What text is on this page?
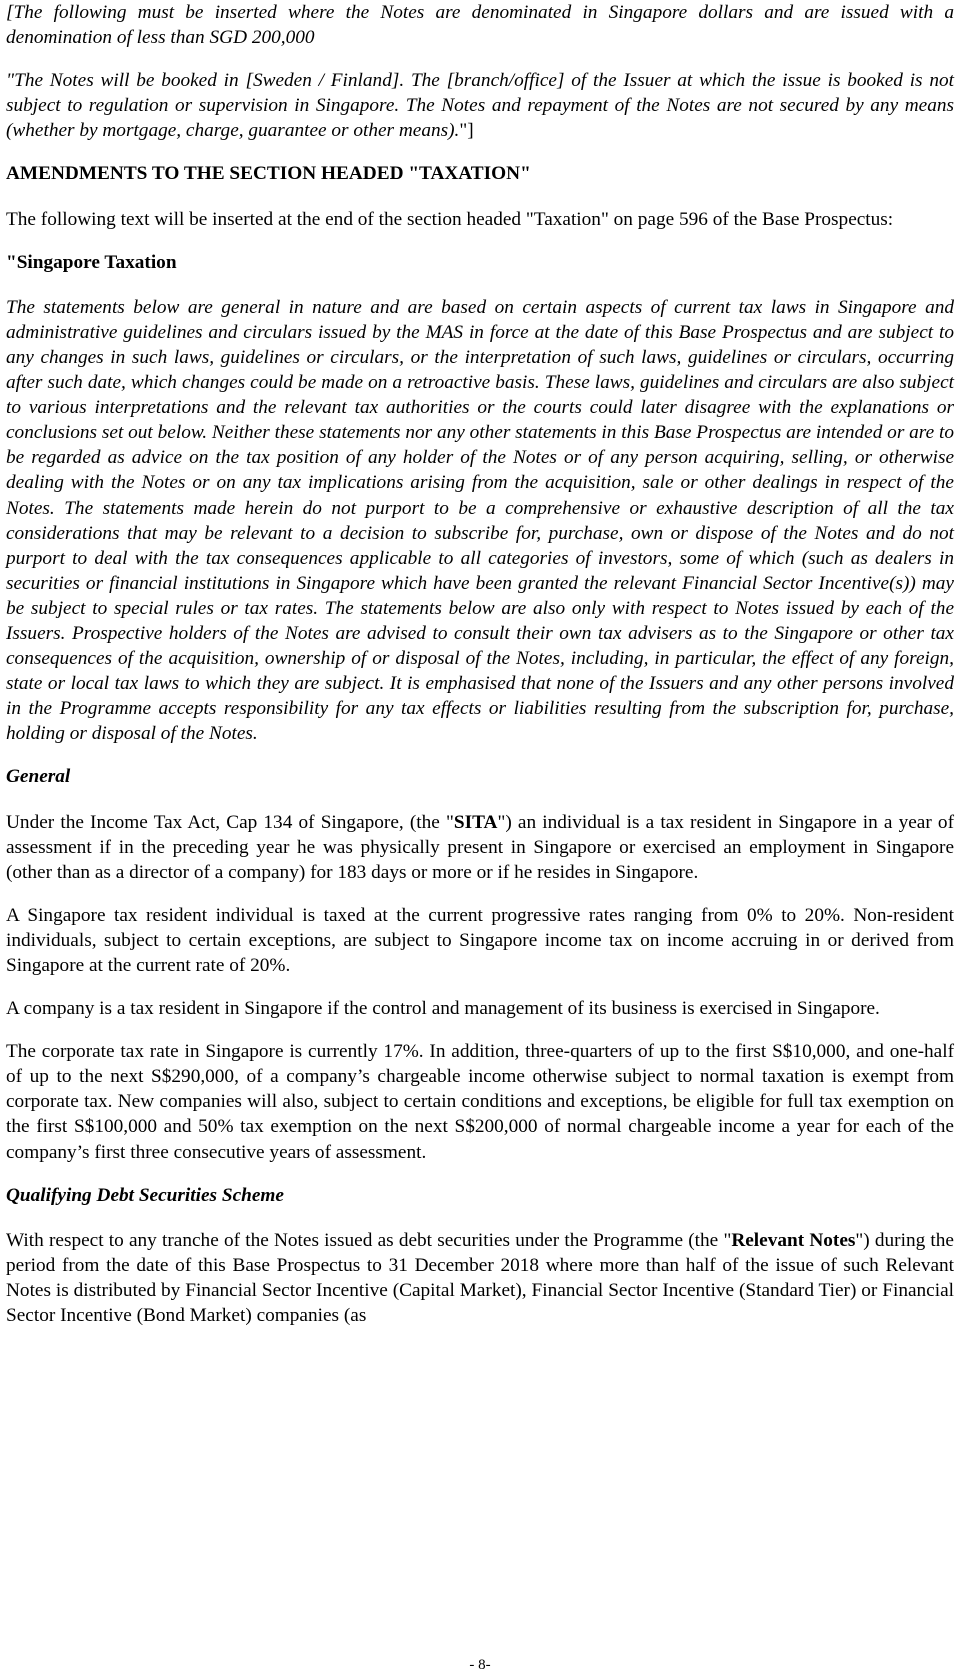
[The following must be inserted where the Notes are denominated in Singapore dollars and are issued with a denomination of less than SGD 200,000

"The Notes will be booked in [Sweden / Finland]. The [branch/office] of the Issuer at which the issue is booked is not subject to regulation or supervision in Singapore. The Notes and repayment of the Notes are not secured by any means (whether by mortgage, charge, guarantee or other means)."]

AMENDMENTS TO THE SECTION HEADED "TAXATION"

The following text will be inserted at the end of the section headed "Taxation" on page 596 of the Base Prospectus:

"Singapore Taxation

The statements below are general in nature and are based on certain aspects of current tax laws in Singapore and administrative guidelines and circulars issued by the MAS in force at the date of this Base Prospectus and are subject to any changes in such laws, guidelines or circulars, or the interpretation of such laws, guidelines or circulars, occurring after such date, which changes could be made on a retroactive basis. These laws, guidelines and circulars are also subject to various interpretations and the relevant tax authorities or the courts could later disagree with the explanations or conclusions set out below. Neither these statements nor any other statements in this Base Prospectus are intended or are to be regarded as advice on the tax position of any holder of the Notes or of any person acquiring, selling, or otherwise dealing with the Notes or on any tax implications arising from the acquisition, sale or other dealings in respect of the Notes. The statements made herein do not purport to be a comprehensive or exhaustive description of all the tax considerations that may be relevant to a decision to subscribe for, purchase, own or dispose of the Notes and do not purport to deal with the tax consequences applicable to all categories of investors, some of which (such as dealers in securities or financial institutions in Singapore which have been granted the relevant Financial Sector Incentive(s)) may be subject to special rules or tax rates. The statements below are also only with respect to Notes issued by each of the Issuers. Prospective holders of the Notes are advised to consult their own tax advisers as to the Singapore or other tax consequences of the acquisition, ownership of or disposal of the Notes, including, in particular, the effect of any foreign, state or local tax laws to which they are subject. It is emphasised that none of the Issuers and any other persons involved in the Programme accepts responsibility for any tax effects or liabilities resulting from the subscription for, purchase, holding or disposal of the Notes.

General

Under the Income Tax Act, Cap 134 of Singapore, (the "SITA") an individual is a tax resident in Singapore in a year of assessment if in the preceding year he was physically present in Singapore or exercised an employment in Singapore (other than as a director of a company) for 183 days or more or if he resides in Singapore.

A Singapore tax resident individual is taxed at the current progressive rates ranging from 0% to 20%. Non-resident individuals, subject to certain exceptions, are subject to Singapore income tax on income accruing in or derived from Singapore at the current rate of 20%.

A company is a tax resident in Singapore if the control and management of its business is exercised in Singapore.

The corporate tax rate in Singapore is currently 17%. In addition, three-quarters of up to the first S$10,000, and one-half of up to the next S$290,000, of a company’s chargeable income otherwise subject to normal taxation is exempt from corporate tax. New companies will also, subject to certain conditions and exceptions, be eligible for full tax exemption on the first S$100,000 and 50% tax exemption on the next S$200,000 of normal chargeable income a year for each of the company’s first three consecutive years of assessment.

Qualifying Debt Securities Scheme

With respect to any tranche of the Notes issued as debt securities under the Programme (the "Relevant Notes") during the period from the date of this Base Prospectus to 31 December 2018 where more than half of the issue of such Relevant Notes is distributed by Financial Sector Incentive (Capital Market), Financial Sector Incentive (Standard Tier) or Financial Sector Incentive (Bond Market) companies (as

- 8-
